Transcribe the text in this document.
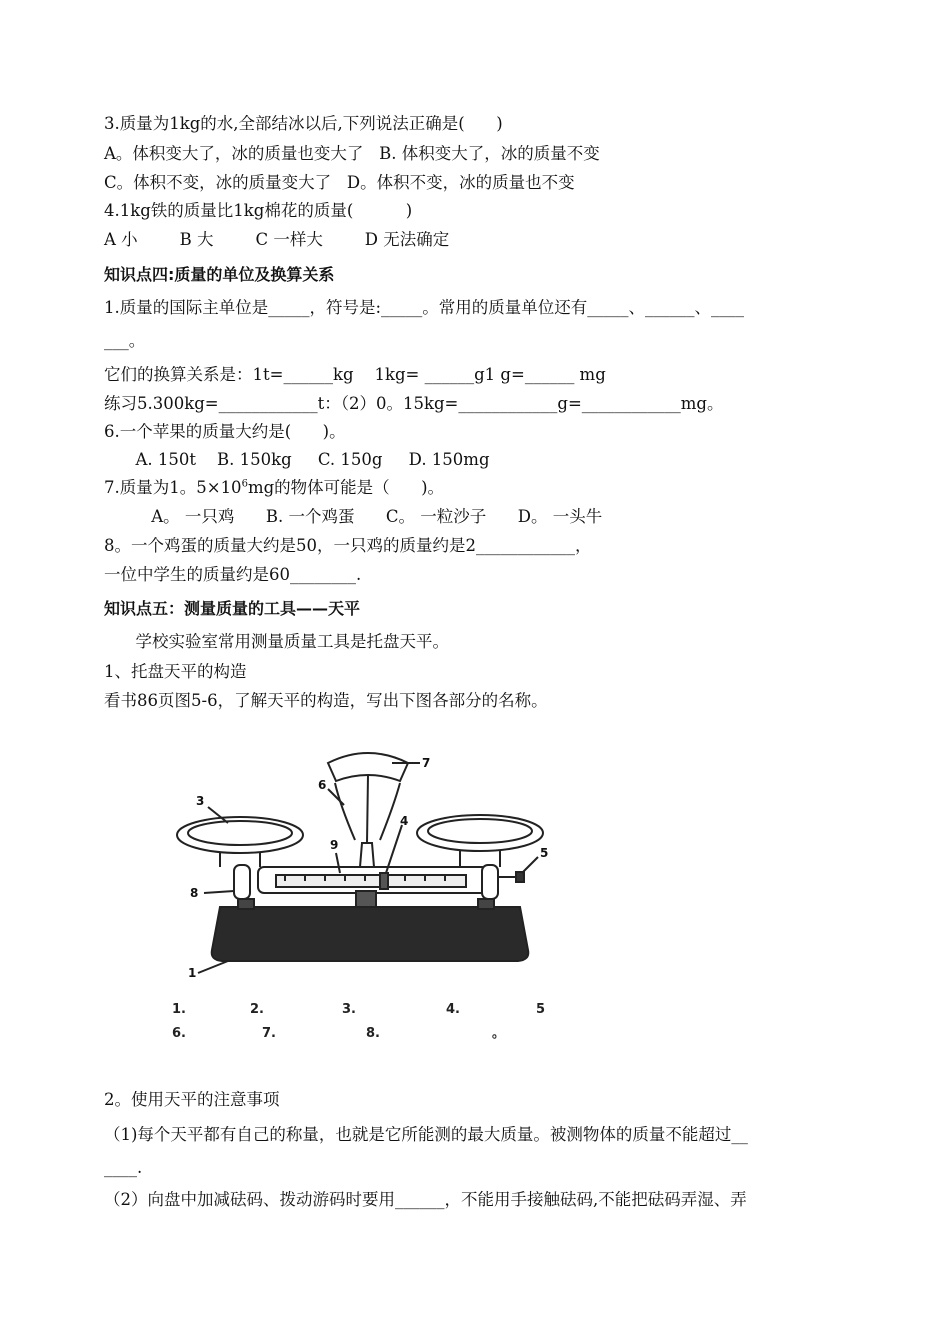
3.质量为1kg的水,全部结冰以后,下列说法正确是(      )
A。体积变大了，冰的质量也变大了   B. 体积变大了，冰的质量不变
C。体积不变，冰的质量变大了   D。体积不变，冰的质量也不变
4.1kg铁的质量比1kg棉花的质量(          )
A 小        B 大        C 一样大        D 无法确定
知识点四:质量的单位及换算关系
1.质量的国际主单位是_____，符号是:_____。常用的质量单位还有_____、______、____
___。
它们的换算关系是：1t=______kg    1kg= ______g1 g=______ mg
练习5.300kg=____________t：（2）0。15kg=____________g=____________mg。
6.一个苹果的质量大约是(      )。
A. 150t    B. 150kg     C. 150g     D. 150mg
7.质量为1。$5\times 10^6mg$的物体可能是（      )。
A。 一只鸡      B. 一个鸡蛋      C。 一粒沙子      D。 一头牛
8。一个鸡蛋的质量大约是50，一只鸡的质量约是2____________，
一位中学生的质量约是60________.
知识点五：测量质量的工具——天平
学校实验室常用测量质量工具是托盘天平。
1、托盘天平的构造
看书86页图5-6，了解天平的构造，写出下图各部分的名称。
3
6
7
4
9
8
5
1
1.	2.	3.	4.	5
6.	7.	8.	。
2。使用天平的注意事项
（1)每个天平都有自己的称量，也就是它所能测的最大质量。被测物体的质量不能超过__
____.
（2）向盘中加减砝码、拨动游码时要用______，不能用手接触砝码,不能把砝码弄湿、弄
